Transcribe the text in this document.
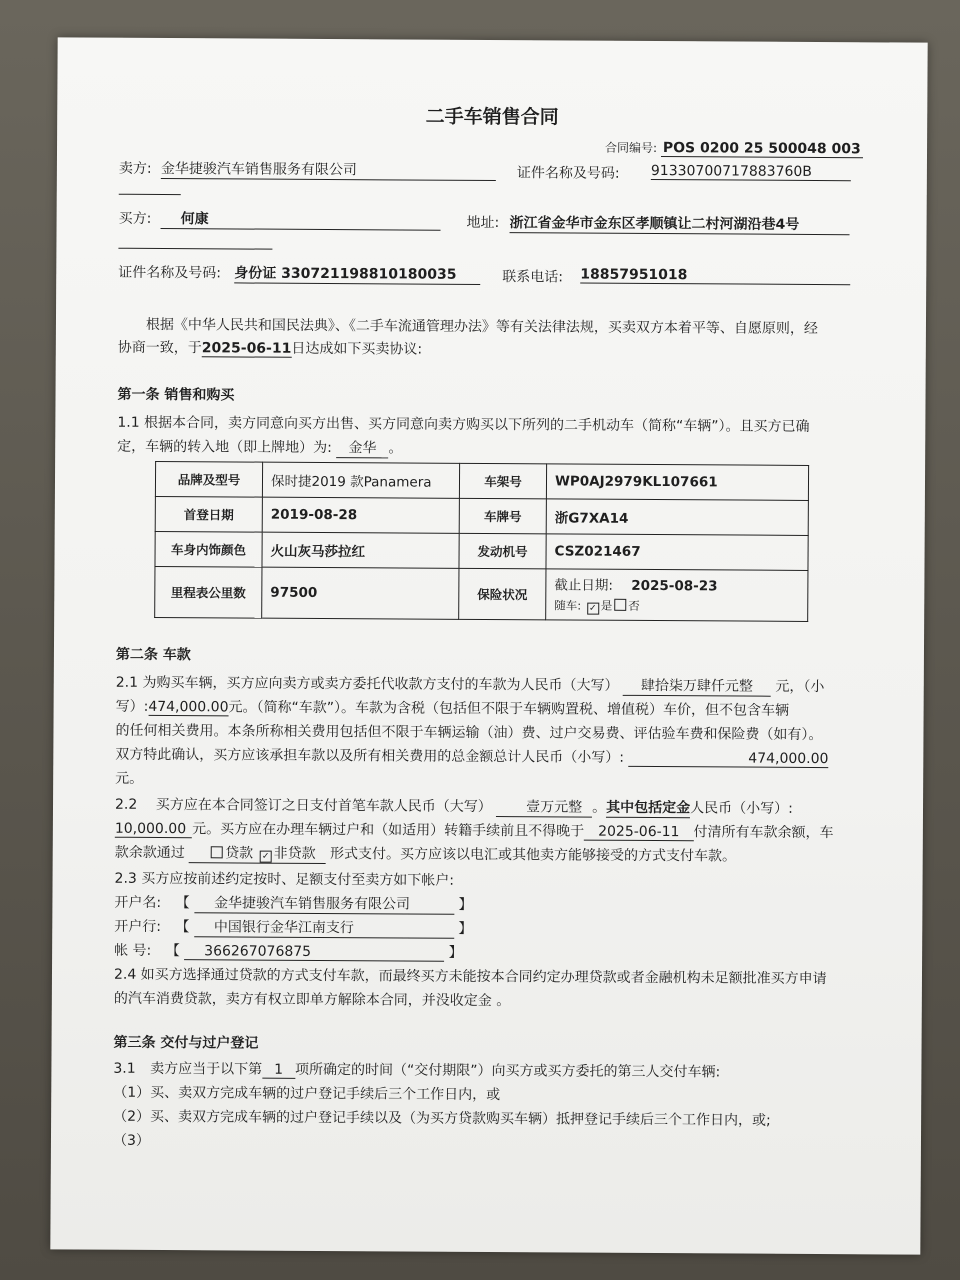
二手车销售合同
合同编号: POS 0200 25 500048 003
卖方: 金华捷骏汽车销售服务有限公司	证件名称及号码: 91330700717883760B
买方:	何康	地址: 浙江省金华市金东区孝顺镇让二村河湖沿巷4号
证件名称及号码: 身份证 330721198810180035	联系电话: 18857951018
根据《中华人民共和国民法典》、《二手车流通管理办法》等有关法律法规，买卖双方本着平等、自愿原则，经
协商一致，于2025-06-11日达成如下买卖协议:
第一条 销售和购买
1.1 根据本合同，卖方同意向买方出售、买方同意向卖方购买以下所列的二手机动车（简称“车辆”）。且买方已确
定，车辆的转入地（即上牌地）为: 金华 。
品牌及型号	保时捷2019 款Panamera	车架号	WP0AJ2979KL107661
首登日期	2019-08-28	车牌号	浙G7XA14
车身内饰颜色	火山灰马莎拉红	发动机号	CSZ021467
里程表公里数	97500	保险状况	截止日期: 2025-08-23
随车: ✓ 是 否
第二条 车款
2.1 为购买车辆，买方应向卖方或卖方委托代收款方支付的车款为人民币（大写） 肆拾柒万肆仟元整 元，（小
写）:474,000.00元。（简称“车款”）。车款为含税（包括但不限于车辆购置税、增值税）车价，但不包含车辆
的任何相关费用。本条所称相关费用包括但不限于车辆运输（油）费、过户交易费、评估验车费和保险费（如有）。
双方特此确认，买方应该承担车款以及所有相关费用的总金额总计人民币（小写）:	474,000.00
元。
2.2 买方应在本合同签订之日支付首笔车款人民币（大写） 壹万元整 。其中包括定金人民币（小写）:
10,000.00 元。买方应在办理车辆过户和（如适用）转籍手续前且不得晚于 2025-06-11 付清所有车款余额，车
款余款通过	贷款 ✓ 非贷款 形式支付。买方应该以电汇或其他卖方能够接受的方式支付车款。
2.3 买方应按前述约定按时、足额支付至卖方如下帐户:
开户名: 【 金华捷骏汽车销售服务有限公司	】
开户行: 【 中国银行金华江南支行	】
帐 号: 【 366267076875	】
2.4 如买方选择通过贷款的方式支付车款，而最终买方未能按本合同约定办理贷款或者金融机构未足额批准买方申请
的汽车消费贷款，卖方有权立即单方解除本合同，并没收定金 。
第三条 交付与过户登记
3.1 卖方应当于以下第 1 项所确定的时间（“交付期限”）向买方或买方委托的第三人交付车辆:
（1）买、卖双方完成车辆的过户登记手续后三个工作日内，或
（2）买、卖双方完成车辆的过户登记手续以及（为买方贷款购买车辆）抵押登记手续后三个工作日内，或;
（3）
